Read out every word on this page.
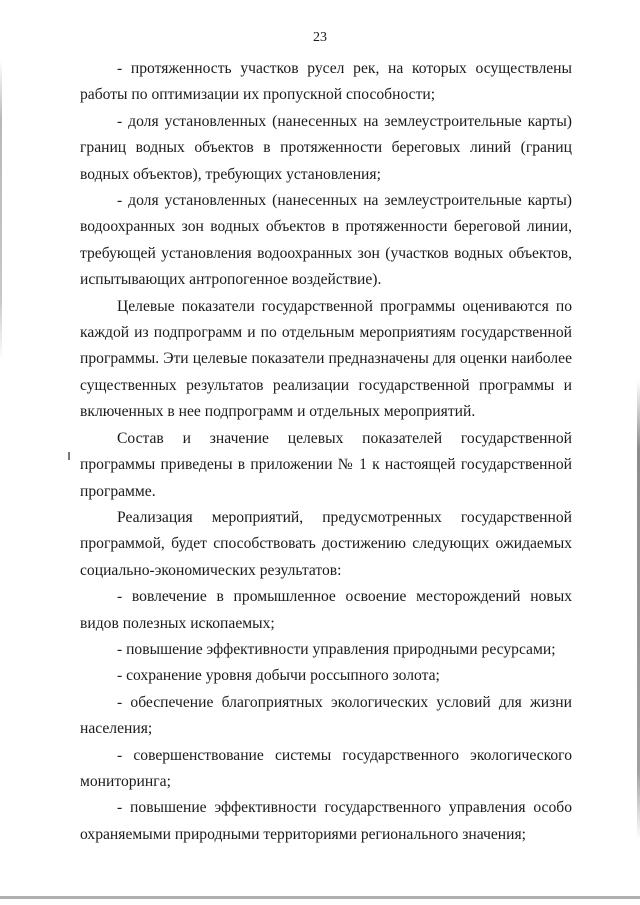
23

- протяженность участков русел рек, на которых осуществлены работы по оптимизации их пропускной способности;

- доля установленных (нанесенных на землеустроительные карты) границ водных объектов в протяженности береговых линий (границ водных объектов), требующих установления;

- доля установленных (нанесенных на землеустроительные карты) водоохранных зон водных объектов в протяженности береговой линии, требующей установления водоохранных зон (участков водных объектов, испытывающих антропогенное воздействие).

Целевые показатели государственной программы оцениваются по каждой из подпрограмм и по отдельным мероприятиям государственной программы. Эти целевые показатели предназначены для оценки наиболее существенных результатов реализации государственной программы и включенных в нее подпрограмм и отдельных мероприятий.

Состав и значение целевых показателей государственной программы приведены в приложении № 1 к настоящей государственной программе.

Реализация мероприятий, предусмотренных государственной программой, будет способствовать достижению следующих ожидаемых социально-экономических результатов:

- вовлечение в промышленное освоение месторождений новых видов полезных ископаемых;

- повышение эффективности управления природными ресурсами;

- сохранение уровня добычи россыпного золота;

- обеспечение благоприятных экологических условий для жизни населения;

- совершенствование системы государственного экологического мониторинга;

- повышение эффективности государственного управления особо охраняемыми природными территориями регионального значения;
